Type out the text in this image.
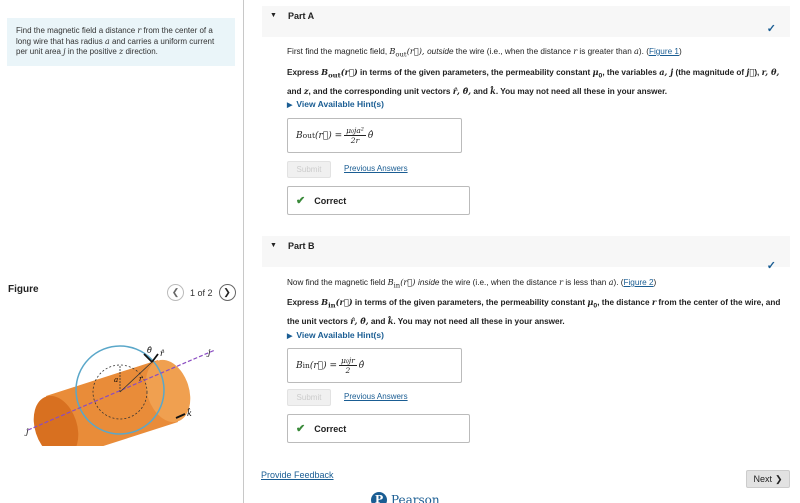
Find the magnetic field a distance r from the center of a long wire that has radius a and carries a uniform current per unit area j in the positive z direction.
Figure	❮	1 of 2	❯
θ̂ r̂	j
j
a	r
k̂
▼ Part A
✓
First find the magnetic field, $B_{out}(r⃗)$, outside the wire (i.e., when the distance r is greater than a). (Figure 1)
Express $B_{out}(r⃗)$ in terms of the given parameters, the permeability constant $\mu_0$, the variables a, j (the magnitude of j⃗), r, θ, and z, and the corresponding unit vectors r̂, θ̂, and k̂. You may not need all these in your answer.
▶ View Available Hint(s)
B out (r⃗) = $\frac{\text{μ₀ja²}}{2r}$ θ̂
Submit	Previous Answers
✔ Correct
▼ Part B
✓
Now find the magnetic field $B_{in}(r⃗)$ inside the wire (i.e., when the distance r is less than a). (Figure 2)
Express $B_{in}(r⃗)$ in terms of the given parameters, the permeability constant $\mu_0$, the distance r from the center of the wire, and the unit vectors r̂, θ̂, and k̂. You may not need all these in your answer.
▶ View Available Hint(s)
B in (r⃗) = $\frac{\text{μ₀jr}}{2}$ θ̂
Submit	Previous Answers
✔ Correct
Provide Feedback	Next ❯
P Pearson
